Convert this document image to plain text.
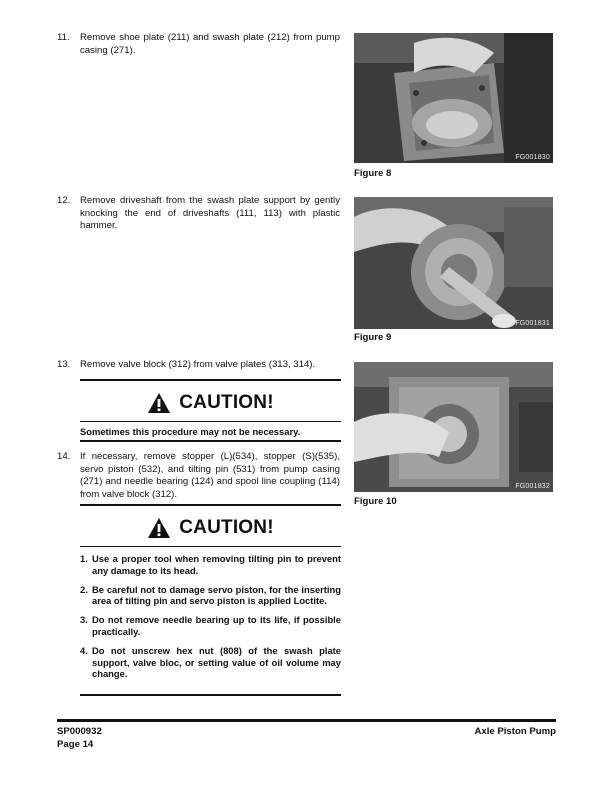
11. Remove shoe plate (211) and swash plate (212) from pump casing (271).
12. Remove driveshaft from the swash plate support by gently knocking the end of driveshafts (111, 113) with plastic hammer.
13. Remove valve block (312) from valve plates (313, 314).
CAUTION!
Sometimes this procedure may not be necessary.
14. If necessary, remove stopper (L)(534), stopper (S)(535), servo piston (532), and tilting pin (531) from pump casing (271) and needle bearing (124) and spool line coupling (114) from valve block (312).
CAUTION!
1. Use a proper tool when removing tilting pin to prevent any damage to its head.
2. Be careful not to damage servo piston, for the inserting area of tilting pin and servo piston is applied Loctite.
3. Do not remove needle bearing up to its life, if possible practically.
4. Do not unscrew hex nut (808) of the swash plate support, valve bloc, or setting value of oil volume may change.
FG001830
Figure 8
FG001831
Figure 9
FG001832
Figure 10
SP000932
Page 14
Axle Piston Pump
